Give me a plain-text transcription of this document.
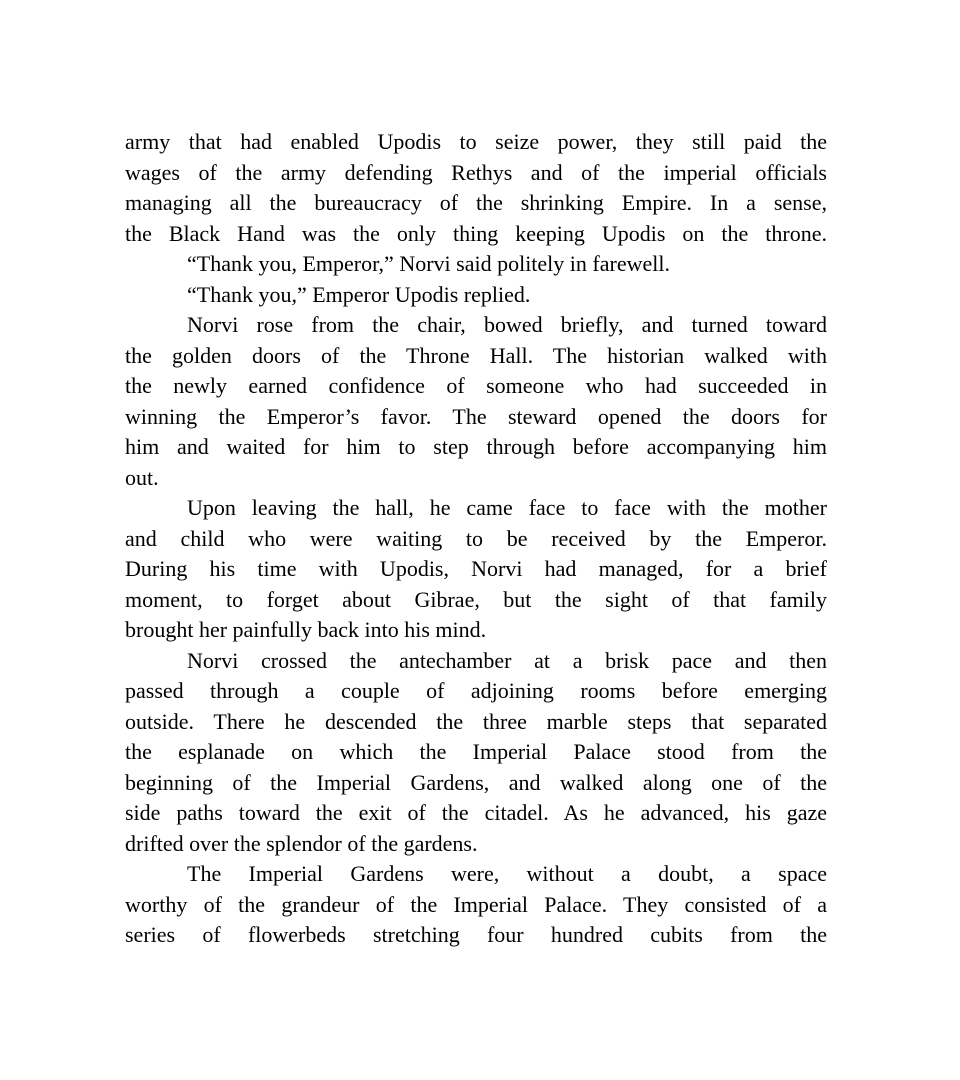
army that had enabled Upodis to seize power, they still paid the
wages of the army defending Rethys and of the imperial officials
managing all the bureaucracy of the shrinking Empire. In a sense,
the Black Hand was the only thing keeping Upodis on the throne.
“Thank you, Emperor,” Norvi said politely in farewell.
“Thank you,” Emperor Upodis replied.
Norvi rose from the chair, bowed briefly, and turned toward
the golden doors of the Throne Hall. The historian walked with
the newly earned confidence of someone who had succeeded in
winning the Emperor’s favor. The steward opened the doors for
him and waited for him to step through before accompanying him
out.
Upon leaving the hall, he came face to face with the mother
and child who were waiting to be received by the Emperor.
During his time with Upodis, Norvi had managed, for a brief
moment, to forget about Gibrae, but the sight of that family
brought her painfully back into his mind.
Norvi crossed the antechamber at a brisk pace and then
passed through a couple of adjoining rooms before emerging
outside. There he descended the three marble steps that separated
the esplanade on which the Imperial Palace stood from the
beginning of the Imperial Gardens, and walked along one of the
side paths toward the exit of the citadel. As he advanced, his gaze
drifted over the splendor of the gardens.
The Imperial Gardens were, without a doubt, a space
worthy of the grandeur of the Imperial Palace. They consisted of a
series of flowerbeds stretching four hundred cubits from the
